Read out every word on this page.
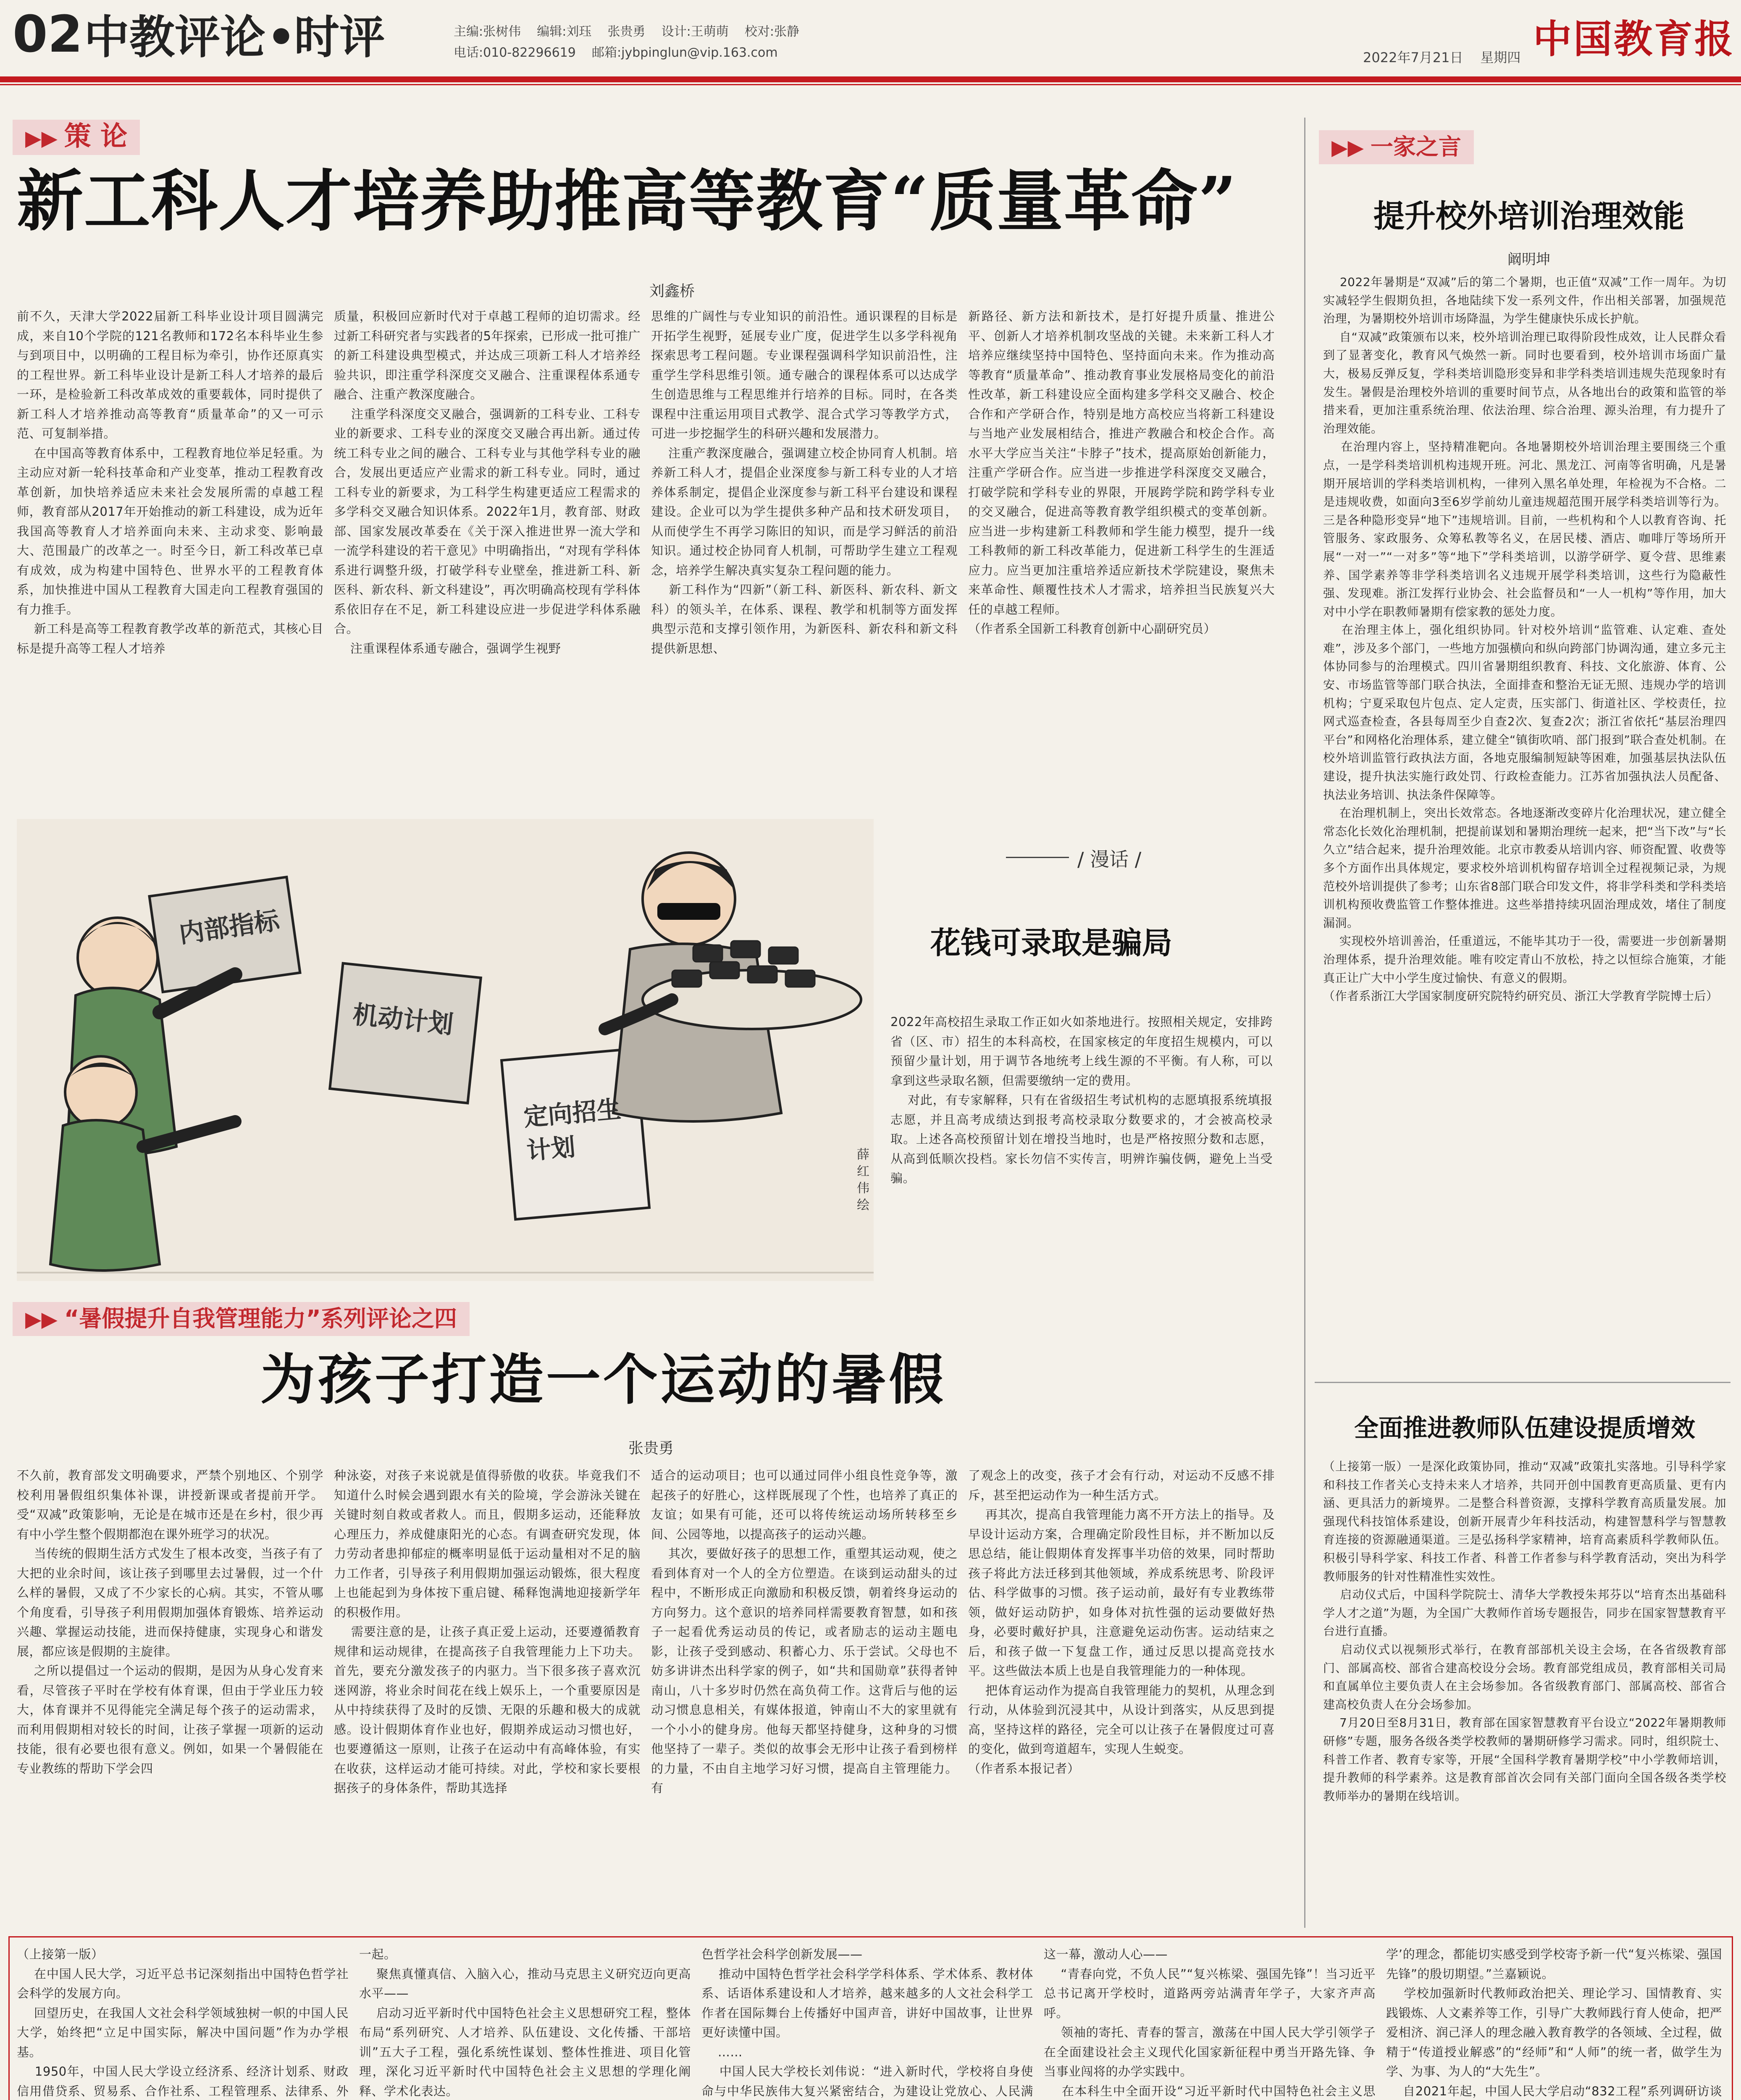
02 中教评论 •
时评	主编:张树伟    编辑:刘珏    张贵勇    设计:王萌萌    校对:张静
电话:010-82296619    邮箱:jybpinglun@vip.163.com	2022年7月21日    星期四 中国教育报
▶▶ 策 论
新工科人才培养助推高等教育“质量革命”
刘鑫桥
前不久，天津大学2022届新工科毕业设计项目圆满完成，来自10个学院的121名教师和172名本科毕业生参与到项目中，以明确的工程目标为牵引，协作还原真实的工程世界。新工科毕业设计是新工科人才培养的最后一环，是检验新工科改革成效的重要载体，同时提供了新工科人才培养推动高等教育“质量革命”的又一可示范、可复制举措。
在中国高等教育体系中，工程教育地位举足轻重。为主动应对新一轮科技革命和产业变革，推动工程教育改革创新，加快培养适应未来社会发展所需的卓越工程师，教育部从2017年开始推动的新工科建设，成为近年我国高等教育人才培养面向未来、主动求变、影响最大、范围最广的改革之一。时至今日，新工科改革已卓有成效，成为构建中国特色、世界水平的工程教育体系，加快推进中国从工程教育大国走向工程教育强国的有力推手。
新工科是高等工程教育教学改革的新范式，其核心目标是提升高等工程人才培养
质量，积极回应新时代对于卓越工程师的迫切需求。经过新工科研究者与实践者的5年探索，已形成一批可推广的新工科建设典型模式，并达成三项新工科人才培养经验共识，即注重学科深度交叉融合、注重课程体系通专融合、注重产教深度融合。
注重学科深度交叉融合，强调新的工科专业、工科专业的新要求、工科专业的深度交叉融合再出新。通过传统工科专业之间的融合、工科专业与其他学科专业的融合，发展出更适应产业需求的新工科专业。同时，通过工科专业的新要求，为工科学生构建更适应工程需求的多学科交叉融合知识体系。2022年1月，教育部、财政部、国家发展改革委在《关于深入推进世界一流大学和一流学科建设的若干意见》中明确指出，“对现有学科体系进行调整升级，打破学科专业壁垒，推进新工科、新医科、新农科、新文科建设”，再次明确高校现有学科体系依旧存在不足，新工科建设应进一步促进学科体系融合。
注重课程体系通专融合，强调学生视野
思维的广阔性与专业知识的前沿性。通识课程的目标是开拓学生视野，延展专业广度，促进学生以多学科视角探索思考工程问题。专业课程强调科学知识前沿性，注重学生学科思维引领。通专融合的课程体系可以达成学生创造思维与工程思维并行培养的目标。同时，在各类课程中注重运用项目式教学、混合式学习等教学方式，可进一步挖掘学生的科研兴趣和发展潜力。
注重产教深度融合，强调建立校企协同育人机制。培养新工科人才，提倡企业深度参与新工科专业的人才培养体系制定，提倡企业深度参与新工科平台建设和课程建设。企业可以为学生提供多种产品和技术研发项目，从而使学生不再学习陈旧的知识，而是学习鲜活的前沿知识。通过校企协同育人机制，可帮助学生建立工程观念，培养学生解决真实复杂工程问题的能力。
新工科作为“四新”（新工科、新医科、新农科、新文科）的领头羊，在体系、课程、教学和机制等方面发挥典型示范和支撑引领作用，为新医科、新农科和新文科提供新思想、
新路径、新方法和新技术，是打好提升质量、推进公平、创新人才培养机制攻坚战的关键。未来新工科人才培养应继续坚持中国特色、坚持面向未来。作为推动高等教育“质量革命”、推动教育事业发展格局变化的前沿性改革，新工科建设应全面构建多学科交叉融合、校企合作和产学研合作，特别是地方高校应当将新工科建设与当地产业发展相结合，推进产教融合和校企合作。高水平大学应当关注“卡脖子”技术，提高原始创新能力，注重产学研合作。应当进一步推进学科深度交叉融合，打破学院和学科专业的界限，开展跨学院和跨学科专业的交叉融合，促进高等教育教学组织模式的变革创新。应当进一步构建新工科教师和学生能力模型，提升一线工科教师的新工科改革能力，促进新工科学生的生涯适应力。应当更加注重培养适应新技术学院建设，聚焦未来革命性、颠覆性技术人才需求，培养担当民族复兴大任的卓越工程师。
（作者系全国新工科教育创新中心副研究员）
内部指标
机动计划
定向招生计划	薛红伟 绘
/ 漫话 /
花钱可录取是骗局
2022年高校招生录取工作正如火如荼地进行。按照相关规定，安排跨省（区、市）招生的本科高校，在国家核定的年度招生规模内，可以预留少量计划，用于调节各地统考上线生源的不平衡。有人称，可以拿到这些录取名额，但需要缴纳一定的费用。
对此，有专家解释，只有在省级招生考试机构的志愿填报系统填报志愿，并且高考成绩达到报考高校录取分数要求的，才会被高校录取。上述各高校预留计划在增投当地时，也是严格按照分数和志愿，从高到低顺次投档。家长勿信不实传言，明辨诈骗伎俩，避免上当受骗。
▶▶ “暑假提升自我管理能力”系列评论之四
为孩子打造一个运动的暑假
张贵勇
不久前，教育部发文明确要求，严禁个别地区、个别学校利用暑假组织集体补课，讲授新课或者提前开学。受“双减”政策影响，无论是在城市还是在乡村，很少再有中小学生整个假期都泡在课外班学习的状况。
当传统的假期生活方式发生了根本改变，当孩子有了大把的业余时间，该让孩子到哪里去过暑假，过一个什么样的暑假，又成了不少家长的心病。其实，不管从哪个角度看，引导孩子利用假期加强体育锻炼、培养运动兴趣、掌握运动技能，进而保持健康，实现身心和谐发展，都应该是假期的主旋律。
之所以提倡过一个运动的假期，是因为从身心发育来看，尽管孩子平时在学校有体育课，但由于学业压力较大，体育课并不见得能完全满足每个孩子的运动需求，而利用假期相对较长的时间，让孩子掌握一项新的运动技能，很有必要也很有意义。例如，如果一个暑假能在专业教练的帮助下学会四
种泳姿，对孩子来说就是值得骄傲的收获。毕竟我们不知道什么时候会遇到跟水有关的险境，学会游泳关键在关键时刻自救或者救人。而且，假期多运动，还能释放心理压力，养成健康阳光的心态。有调查研究发现，体力劳动者患抑郁症的概率明显低于运动量相对不足的脑力工作者，引导孩子利用假期加强运动锻炼，很大程度上也能起到为身体按下重启键、稀释饱满地迎接新学年的积极作用。
需要注意的是，让孩子真正爱上运动，还要遵循教育规律和运动规律，在提高孩子自我管理能力上下功夫。首先，要充分激发孩子的内驱力。当下很多孩子喜欢沉迷网游，将业余时间花在线上娱乐上，一个重要原因是从中持续获得了及时的反馈、无限的乐趣和极大的成就感。设计假期体育作业也好，假期养成运动习惯也好，也要遵循这一原则，让孩子在运动中有高峰体验，有实在收获，这样运动才能可持续。对此，学校和家长要根据孩子的身体条件，帮助其选择
适合的运动项目；也可以通过同伴小组良性竞争等，激起孩子的好胜心，这样既展现了个性，也培养了真正的友谊；如果有可能，还可以将传统运动场所转移至乡间、公园等地，以提高孩子的运动兴趣。
其次，要做好孩子的思想工作，重塑其运动观，使之看到体育对一个人的全方位塑造。在谈到运动甜头的过程中，不断形成正向激励和积极反馈，朝着终身运动的方向努力。这个意识的培养同样需要教育智慧，如和孩子一起看优秀运动员的传记，或者励志的运动主题电影，让孩子受到感动、积蓄心力、乐于尝试。父母也不妨多讲讲杰出科学家的例子，如“共和国勋章”获得者钟南山，八十多岁时仍然在高负荷工作。这背后与他的运动习惯息息相关，有媒体报道，钟南山不大的家里就有一个小小的健身房。他每天都坚持健身，这种身的习惯他坚持了一辈子。类似的故事会无形中让孩子看到榜样的力量，不由自主地学习好习惯，提高自主管理能力。有
了观念上的改变，孩子才会有行动，对运动不反感不排斥，甚至把运动作为一种生活方式。
再其次，提高自我管理能力离不开方法上的指导。及早设计运动方案，合理确定阶段性目标，并不断加以反思总结，能让假期体育发挥事半功倍的效果，同时帮助孩子将此方法迁移到其他领域，养成系统思考、阶段评估、科学做事的习惯。孩子运动前，最好有专业教练带领，做好运动防护，如身体对抗性强的运动要做好热身，必要时戴好护具，注意避免运动伤害。运动结束之后，和孩子做一下复盘工作，通过反思以提高竞技水平。这些做法本质上也是自我管理能力的一种体现。
把体育运动作为提高自我管理能力的契机，从理念到行动，从体验到沉浸其中，从设计到落实，从反思到提高，坚持这样的路径，完全可以让孩子在暑假度过可喜的变化，做到弯道超车，实现人生蜕变。
（作者系本报记者）
▶▶ 一家之言
提升校外培训治理效能
阚明坤
2022年暑期是“双减”后的第二个暑期，也正值“双减”工作一周年。为切实减轻学生假期负担，各地陆续下发一系列文件，作出相关部署，加强规范治理，为暑期校外培训市场降温，为学生健康快乐成长护航。
自“双减”政策颁布以来，校外培训治理已取得阶段性成效，让人民群众看到了显著变化，教育风气焕然一新。同时也要看到，校外培训市场面广量大，极易反弹反复，学科类培训隐形变异和非学科类培训违规失范现象时有发生。暑假是治理校外培训的重要时间节点，从各地出台的政策和监管的举措来看，更加注重系统治理、依法治理、综合治理、源头治理，有力提升了治理效能。
在治理内容上，坚持精准靶向。各地暑期校外培训治理主要围绕三个重点，一是学科类培训机构违规开班。河北、黑龙江、河南等省明确，凡是暑期开展培训的学科类培训机构，一律列入黑名单处理，年检视为不合格。二是违规收费，如面向3至6岁学前幼儿童违规超范围开展学科类培训等行为。三是各种隐形变异“地下”违规培训。目前，一些机构和个人以教育咨询、托管服务、家政服务、众筹私教等名义，在居民楼、酒店、咖啡厅等场所开展“一对一”“一对多”等“地下”学科类培训，以游学研学、夏令营、思维素养、国学素养等非学科类培训名义违规开展学科类培训，这些行为隐蔽性强、发现难。浙江发挥行业协会、社会监督员和“一人一机构”等作用，加大对中小学在职教师暑期有偿家教的惩处力度。
在治理主体上，强化组织协同。针对校外培训“监管难、认定难、查处难”，涉及多个部门，一些地方加强横向和纵向跨部门协调沟通，建立多元主体协同参与的治理模式。四川省暑期组织教育、科技、文化旅游、体育、公安、市场监管等部门联合执法，全面排查和整治无证无照、违规办学的培训机构；宁夏采取包片包点、定人定责，压实部门、街道社区、学校责任，拉网式巡查检查，各县每周至少自查2次、复查2次；浙江省依托“基层治理四平台”和网格化治理体系，建立健全“镇街吹哨、部门报到”联合查处机制。在校外培训监管行政执法方面，各地克服编制短缺等困难，加强基层执法队伍建设，提升执法实施行政处罚、行政检查能力。江苏省加强执法人员配备、执法业务培训、执法条件保障等。
在治理机制上，突出长效常态。各地逐渐改变碎片化治理状况，建立健全常态化长效化治理机制，把提前谋划和暑期治理统一起来，把“当下改”与“长久立”结合起来，提升治理效能。北京市教委从培训内容、师资配置、收费等多个方面作出具体规定，要求校外培训机构留存培训全过程视频记录，为规范校外培训提供了参考；山东省8部门联合印发文件，将非学科类和学科类培训机构预收费监管工作整体推进。这些举措持续巩固治理成效，堵住了制度漏洞。
实现校外培训善治，任重道远，不能毕其功于一役，需要进一步创新暑期治理体系，提升治理效能。唯有咬定青山不放松，持之以恒综合施策，才能真正让广大中小学生度过愉快、有意义的假期。
（作者系浙江大学国家制度研究院特约研究员、浙江大学教育学院博士后）
全面推进教师队伍建设提质增效
（上接第一版）一是深化政策协同，推动“双减”政策扎实落地。引导科学家和科技工作者关心支持未来人才培养，共同开创中国教育更高质量、更有内涵、更具活力的新境界。二是整合科普资源，支撑科学教育高质量发展。加强现代科技馆体系建设，创新开展青少年科技活动，构建智慧科学与智慧教育连接的资源融通渠道。三是弘扬科学家精神，培育高素质科学教师队伍。积极引导科学家、科技工作者、科普工作者参与科学教育活动，突出为科学教师服务的针对性精准性实效性。
启动仪式后，中国科学院院士、清华大学教授朱邦芬以“培育杰出基础科学人才之道”为题，为全国广大教师作首场专题报告，同步在国家智慧教育平台进行直播。
启动仪式以视频形式举行，在教育部部机关设主会场，在各省级教育部门、部属高校、部省合建高校设分会场。教育部党组成员，教育部相关司局和直属单位主要负责人在主会场参加。各省级教育部门、部属高校、部省合建高校负责人在分会场参加。
7月20日至8月31日，教育部在国家智慧教育平台设立“2022年暑期教师研修”专题，服务各级各类学校教师的暑期研修学习需求。同时，组织院士、科普工作者、教育专家等，开展“全国科学教育暑期学校”中小学教师培训，提升教师的科学素养。这是教育部首次会同有关部门面向全国各级各类学校教师举办的暑期在线培训。
（上接第一版）
在中国人民大学，习近平总书记深刻指出中国特色哲学社会科学的发展方向。
回望历史，在我国人文社会科学领域独树一帜的中国人民大学，始终把“立足中国实际，解决中国问题”作为办学根基。
1950年，中国人民大学设立经济系、经济计划系、财政信用借贷系、贸易系、合作社系、工程管理系、法律系、外

一起。
聚焦真懂真信、入脑入心，推动马克思主义研究迈向更高水平——
启动习近平新时代中国特色社会主义思想研究工程，整体布局“系列研究、人才培养、队伍建设、文化传播、干部培训”五大子工程，强化系统性谋划、整体性推进、项目化管理，深化习近平新时代中国特色社会主义思想的学理化阐释、学术化表达。

色哲学社会科学创新发展——
推动中国特色哲学社会科学学科体系、学术体系、教材体系、话语体系建设和人才培养，越来越多的人文社会科学工作者在国际舞台上传播好中国声音，讲好中国故事，让世界更好读懂中国。
……
中国人民大学校长刘伟说：“进入新时代，学校将自身使命与中华民族伟大复兴紧密结合，为建设让党放心、人民满

这一幕，激动人心——
“青春向党，不负人民”“复兴栋梁、强国先锋”！当习近平总书记离开学校时，道路两旁站满青年学子，大家齐声高呼。
领袖的寄托、青春的誓言，激荡在中国人民大学引领学子在全面建设社会主义现代化国家新征程中勇当开路先锋、争当事业闯将的办学实践中。
在本科生中全面开设“习近平新时代中国特色社会主义思

学’的理念，都能切实感受到学校寄予新一代“复兴栋梁、强国先锋”的殷切期望。”兰嘉颖说。
学校加强新时代教师政治把关、理论学习、国情教育、实践锻炼、人文素养等工作，引导广大教师践行育人使命，把严爱相济、润己泽人的理念融入教育教学的各领域、全过程，做精于“传道授业解惑”的“经师”和“人师”的统一者，做学生为学、为事、为人的“大先生”。
自2021年起，中国人民大学启动“832工程”系列调研访谈
